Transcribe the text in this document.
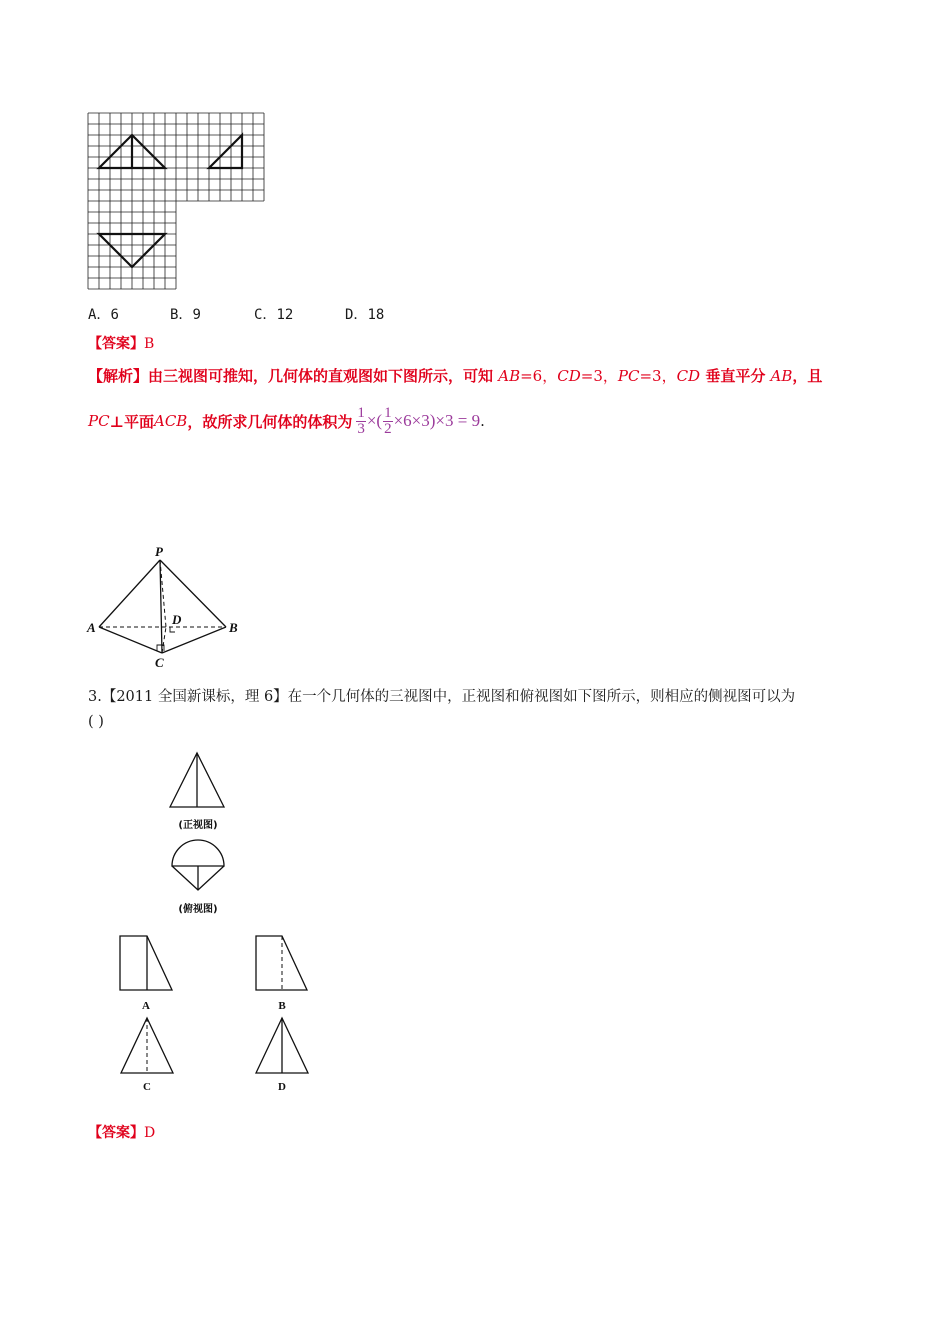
A．6	B．9	C．12	D．18
【答案】B
【解析】由三视图可推知，几何体的直观图如下图所示，可知 AB=6，CD=3，PC=3，CD 垂直平分 AB，且
PC ⊥平面 ACB ，故所求几何体的体积为 $\frac{1}{3}$ ×( $\frac{1}{2} \times 6\times 3)\times 3 = 9$ .
P
A	B
C
D
3.【2011 全国新课标，理 6】在一个几何体的三视图中，正视图和俯视图如下图所示，则相应的侧视图可以为
( )
(正视图)
(俯视图)
A	B
C	D
【答案】D
